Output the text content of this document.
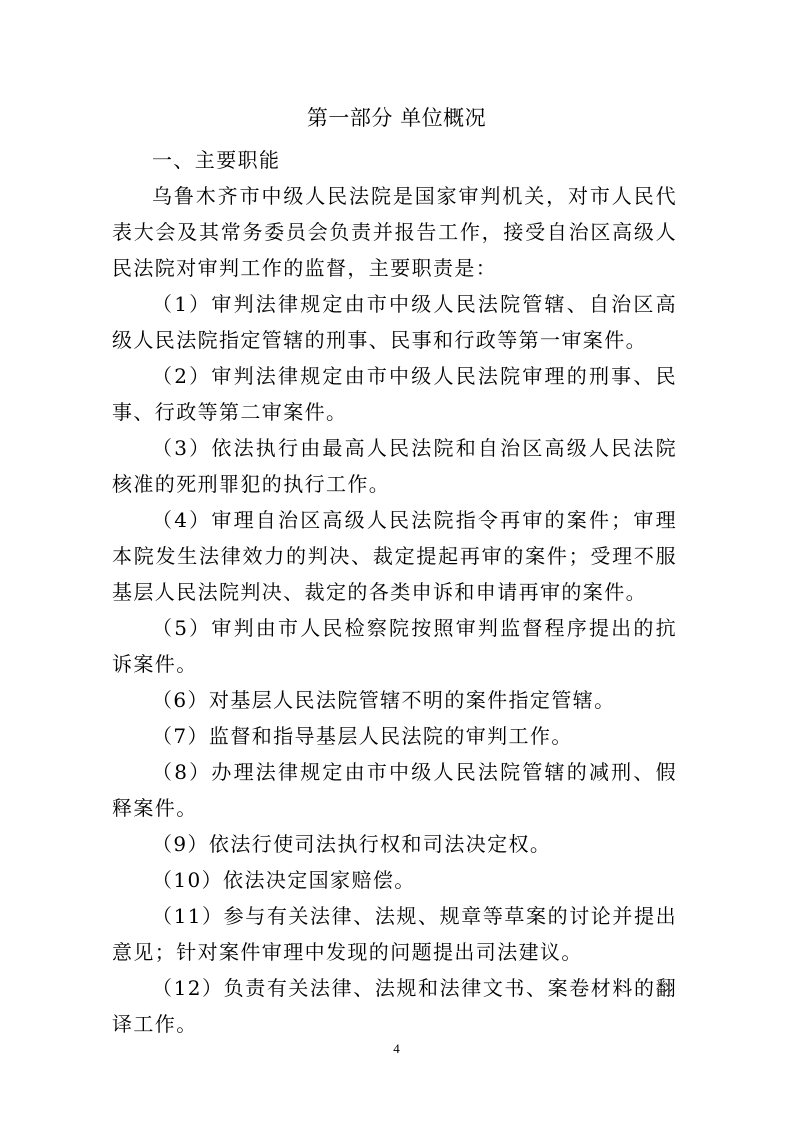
第一部分 单位概况

一、主要职能

乌鲁木齐市中级人民法院是国家审判机关，对市人民代表大会及其常务委员会负责并报告工作，接受自治区高级人民法院对审判工作的监督，主要职责是：

（1）审判法律规定由市中级人民法院管辖、自治区高级人民法院指定管辖的刑事、民事和行政等第一审案件。

（2）审判法律规定由市中级人民法院审理的刑事、民事、行政等第二审案件。

（3）依法执行由最高人民法院和自治区高级人民法院核准的死刑罪犯的执行工作。

（4）审理自治区高级人民法院指令再审的案件；审理本院发生法律效力的判决、裁定提起再审的案件；受理不服基层人民法院判决、裁定的各类申诉和申请再审的案件。

（5）审判由市人民检察院按照审判监督程序提出的抗诉案件。

（6）对基层人民法院管辖不明的案件指定管辖。

（7）监督和指导基层人民法院的审判工作。

（8）办理法律规定由市中级人民法院管辖的减刑、假释案件。

（9）依法行使司法执行权和司法决定权。

（10）依法决定国家赔偿。

（11）参与有关法律、法规、规章等草案的讨论并提出意见；针对案件审理中发现的问题提出司法建议。

（12）负责有关法律、法规和法律文书、案卷材料的翻译工作。

4
